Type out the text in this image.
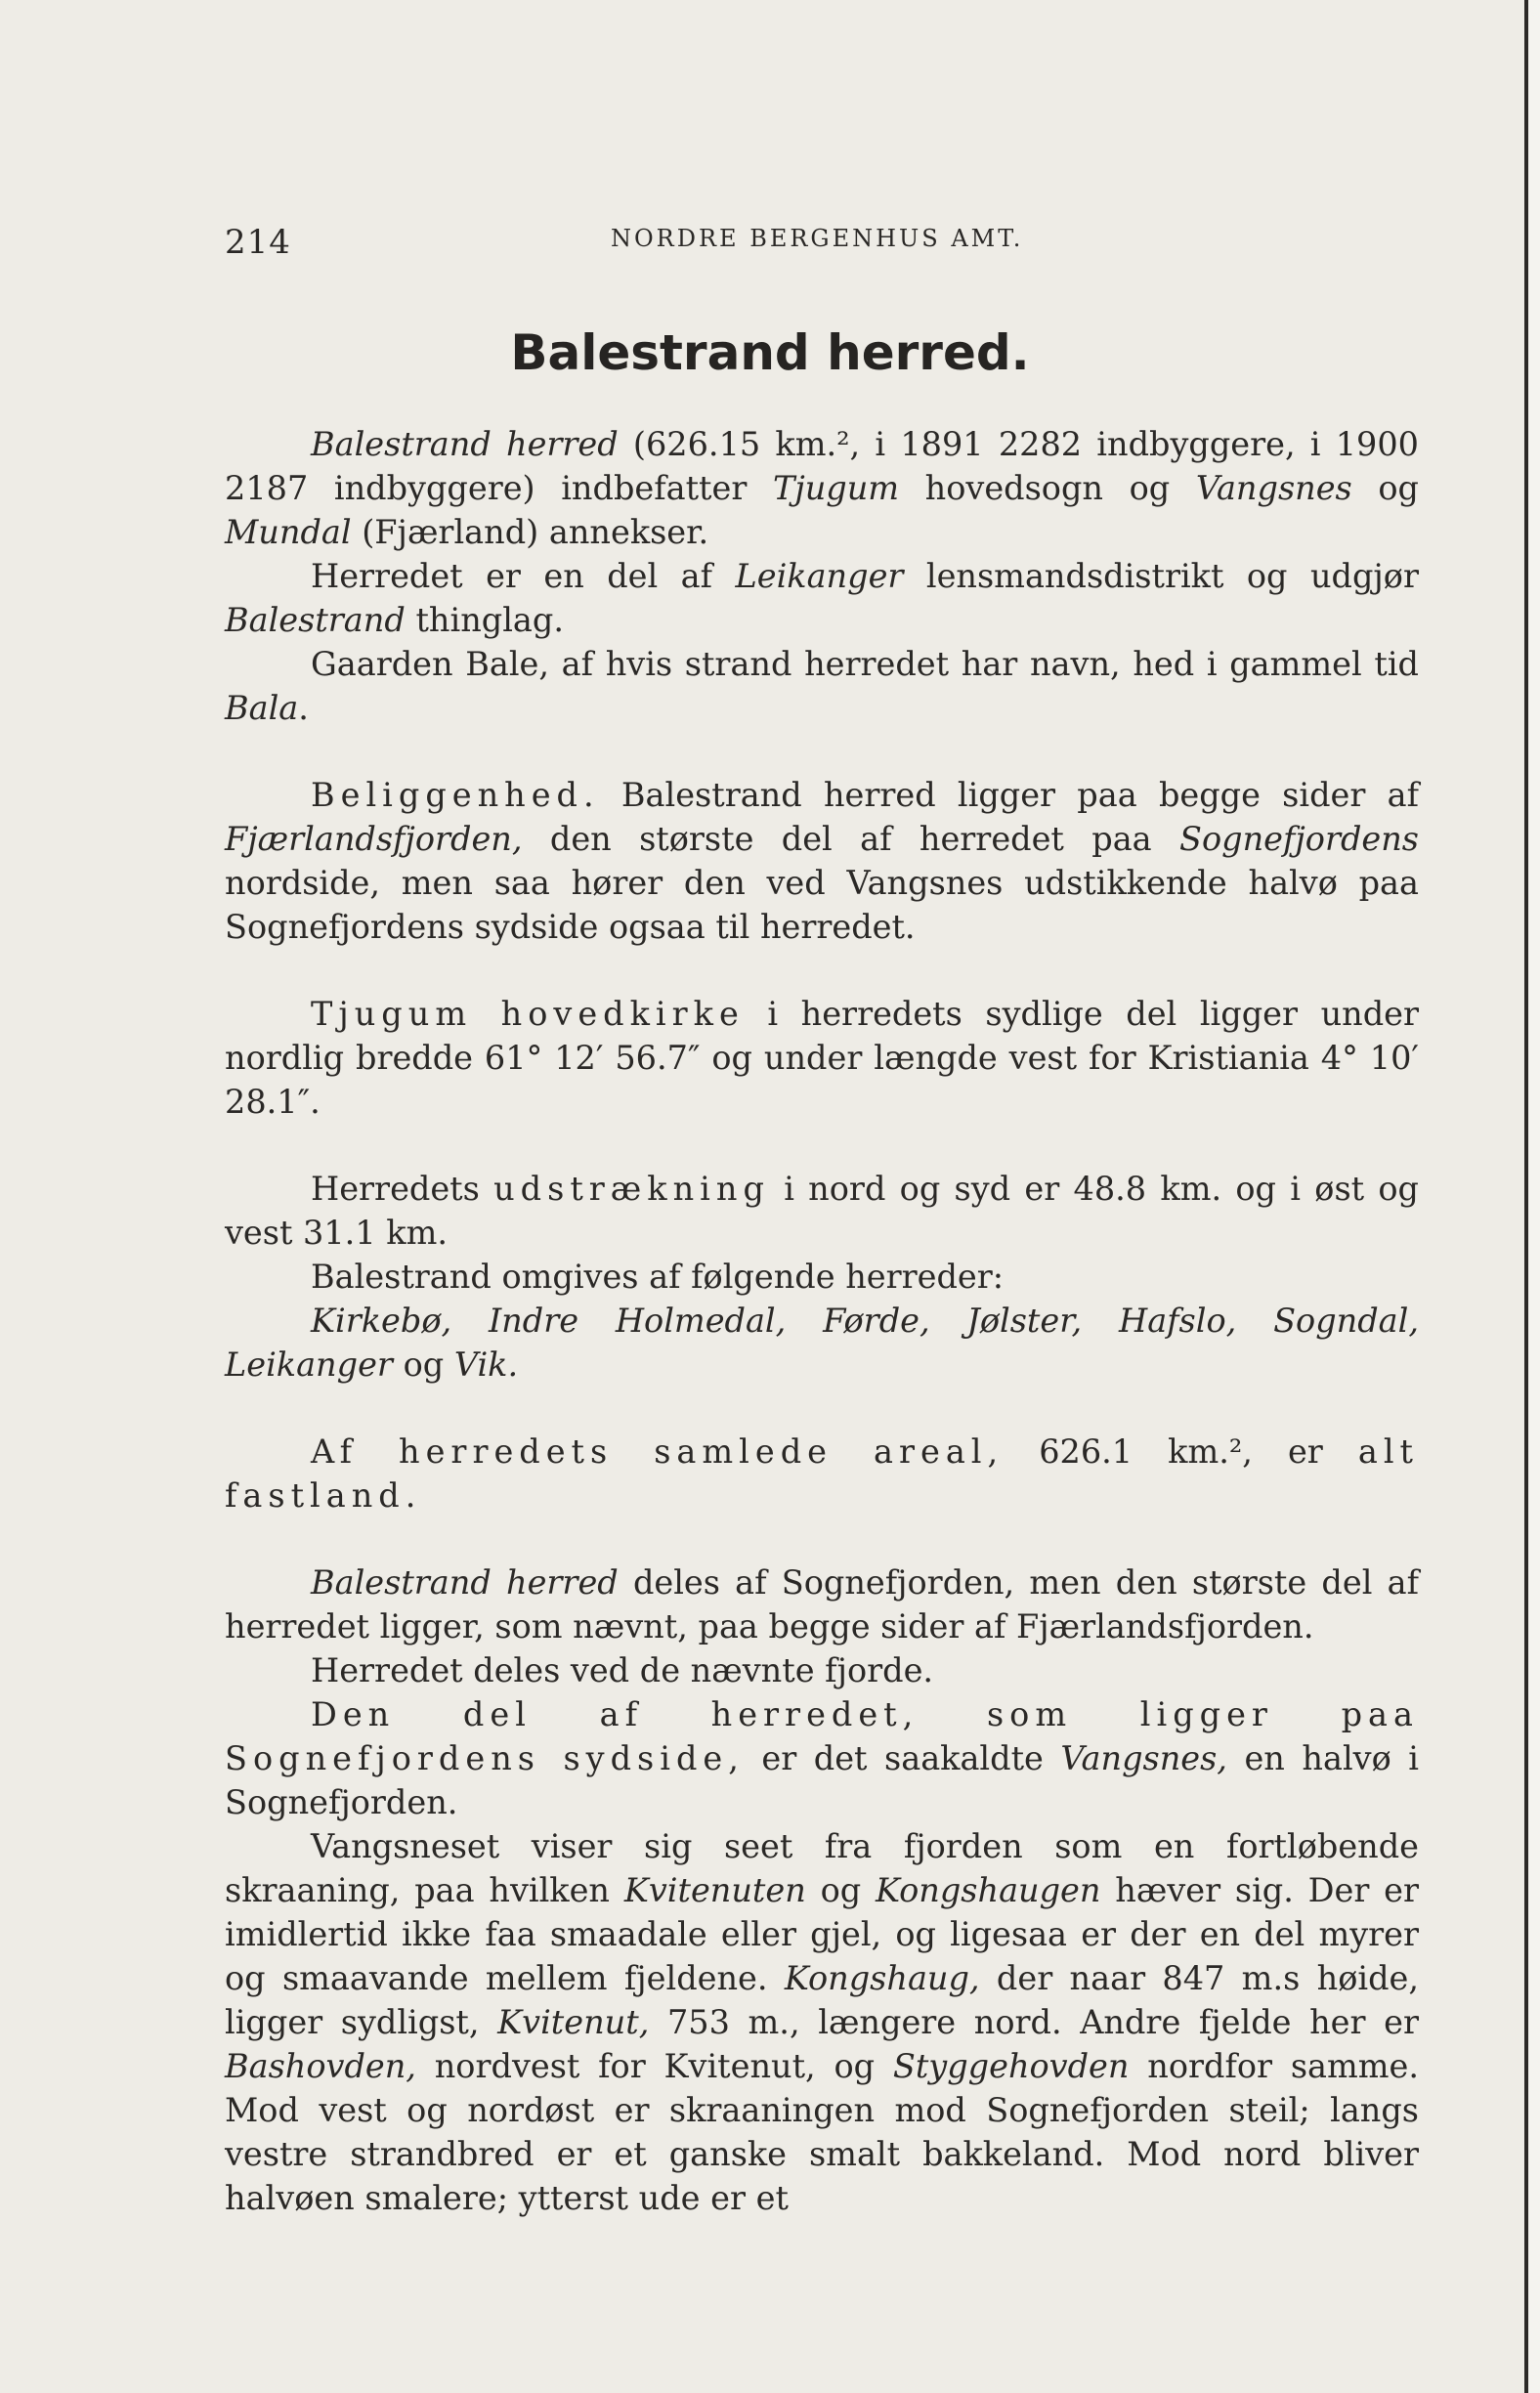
214	NORDRE BERGENHUS AMT.
Balestrand herred.

Balestrand herred (626.15 km.², i 1891 2282 indbyggere, i 1900 2187 indbyggere) indbefatter Tjugum hovedsogn og Vangsnes og Mundal (Fjærland) annekser.

Herredet er en del af Leikanger lensmandsdistrikt og udgjør Balestrand thinglag.

Gaarden Bale, af hvis strand herredet har navn, hed i gammel tid Bala.

Beliggenhed. Balestrand herred ligger paa begge sider af Fjærlandsfjorden, den største del af herredet paa Sognefjordens nordside, men saa hører den ved Vangsnes udstikkende halvø paa Sognefjordens sydside ogsaa til herredet.

Tjugum hovedkirke i herredets sydlige del ligger under nordlig bredde 61° 12′ 56.7″ og under længde vest for Kristiania 4° 10′ 28.1″.

Herredets udstrækning i nord og syd er 48.8 km. og i øst og vest 31.1 km.

Balestrand omgives af følgende herreder:

Kirkebø, Indre Holmedal, Førde, Jølster, Hafslo, Sogndal, Leikanger og Vik.

Af herredets samlede areal, 626.1 km.², er alt fastland.

Balestrand herred deles af Sognefjorden, men den største del af herredet ligger, som nævnt, paa begge sider af Fjærlandsfjorden.

Herredet deles ved de nævnte fjorde.

Den del af herredet, som ligger paa Sognefjordens sydside, er det saakaldte Vangsnes, en halvø i Sognefjorden.

Vangsneset viser sig seet fra fjorden som en fortløbende skraaning, paa hvilken Kvitenuten og Kongshaugen hæver sig. Der er imidlertid ikke faa smaadale eller gjel, og ligesaa er der en del myrer og smaavande mellem fjeldene. Kongshaug, der naar 847 m.s høide, ligger sydligst, Kvitenut, 753 m., længere nord. Andre fjelde her er Bashovden, nordvest for Kvitenut, og Styggehovden nordfor samme. Mod vest og nordøst er skraaningen mod Sognefjorden steil; langs vestre strandbred er et ganske smalt bakkeland. Mod nord bliver halvøen smalere; ytterst ude er et
